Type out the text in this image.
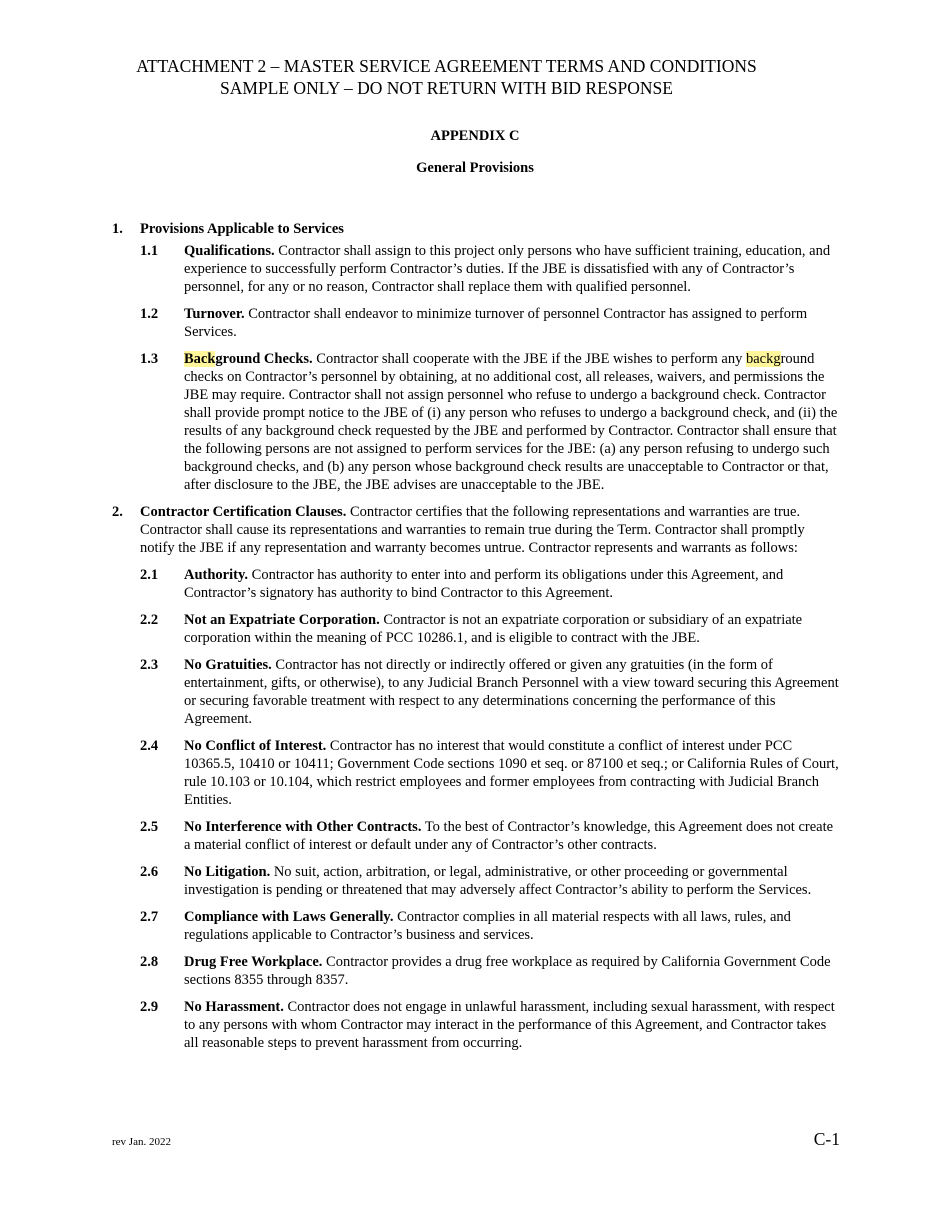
ATTACHMENT 2 – MASTER SERVICE AGREEMENT TERMS AND CONDITIONS
SAMPLE ONLY – DO NOT RETURN WITH BID RESPONSE
APPENDIX C
General Provisions
1. Provisions Applicable to Services
1.1 Qualifications. Contractor shall assign to this project only persons who have sufficient training, education, and experience to successfully perform Contractor’s duties. If the JBE is dissatisfied with any of Contractor’s personnel, for any or no reason, Contractor shall replace them with qualified personnel.
1.2 Turnover. Contractor shall endeavor to minimize turnover of personnel Contractor has assigned to perform Services.
1.3 Background Checks. Contractor shall cooperate with the JBE if the JBE wishes to perform any background checks on Contractor’s personnel by obtaining, at no additional cost, all releases, waivers, and permissions the JBE may require. Contractor shall not assign personnel who refuse to undergo a background check. Contractor shall provide prompt notice to the JBE of (i) any person who refuses to undergo a background check, and (ii) the results of any background check requested by the JBE and performed by Contractor. Contractor shall ensure that the following persons are not assigned to perform services for the JBE: (a) any person refusing to undergo such background checks, and (b) any person whose background check results are unacceptable to Contractor or that, after disclosure to the JBE, the JBE advises are unacceptable to the JBE.
2. Contractor Certification Clauses. Contractor certifies that the following representations and warranties are true. Contractor shall cause its representations and warranties to remain true during the Term. Contractor shall promptly notify the JBE if any representation and warranty becomes untrue. Contractor represents and warrants as follows:
2.1 Authority. Contractor has authority to enter into and perform its obligations under this Agreement, and Contractor’s signatory has authority to bind Contractor to this Agreement.
2.2 Not an Expatriate Corporation. Contractor is not an expatriate corporation or subsidiary of an expatriate corporation within the meaning of PCC 10286.1, and is eligible to contract with the JBE.
2.3 No Gratuities. Contractor has not directly or indirectly offered or given any gratuities (in the form of entertainment, gifts, or otherwise), to any Judicial Branch Personnel with a view toward securing this Agreement or securing favorable treatment with respect to any determinations concerning the performance of this Agreement.
2.4 No Conflict of Interest. Contractor has no interest that would constitute a conflict of interest under PCC 10365.5, 10410 or 10411; Government Code sections 1090 et seq. or 87100 et seq.; or California Rules of Court, rule 10.103 or 10.104, which restrict employees and former employees from contracting with Judicial Branch Entities.
2.5 No Interference with Other Contracts. To the best of Contractor’s knowledge, this Agreement does not create a material conflict of interest or default under any of Contractor’s other contracts.
2.6 No Litigation. No suit, action, arbitration, or legal, administrative, or other proceeding or governmental investigation is pending or threatened that may adversely affect Contractor’s ability to perform the Services.
2.7 Compliance with Laws Generally. Contractor complies in all material respects with all laws, rules, and regulations applicable to Contractor’s business and services.
2.8 Drug Free Workplace. Contractor provides a drug free workplace as required by California Government Code sections 8355 through 8357.
2.9 No Harassment. Contractor does not engage in unlawful harassment, including sexual harassment, with respect to any persons with whom Contractor may interact in the performance of this Agreement, and Contractor takes all reasonable steps to prevent harassment from occurring.
rev Jan. 2022	C-1
